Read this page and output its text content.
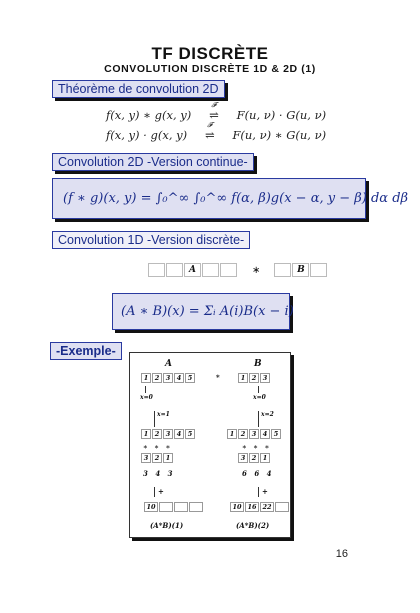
TF DISCRÈTE
CONVOLUTION DISCRÈTE 1D & 2D (1)
Théorème de convolution 2D
f(x, y) ∗ g(x, y)
𝓕
⇌ F(u, ν) · G(u, ν)
f(x, y) · g(x, y)
𝓕
⇌ F(u, ν) ∗ G(u, ν)
Convolution 2D -Version continue-
(f ∗ g)(x, y) = ∫₀^∞ ∫₀^∞ f(α, β)g(x − α, y − β) dα dβ
Convolution 1D -Version discrète-
A	∗	B
(A ∗ B)(x) = Σᵢ A(i)B(x − i)
-Exemple-
A	B
1 2 3 4 5	*	1 2 3
x=0	x=0
x=1	x=2
1 2 3 4 5	1 2 3 4 5
∗ ∗ ∗	∗ ∗ ∗
3 2 1	3 2 1
3 4 3	6 6 4
+	+
10	10 16 22
(A*B)(1)	(A*B)(2)
16
